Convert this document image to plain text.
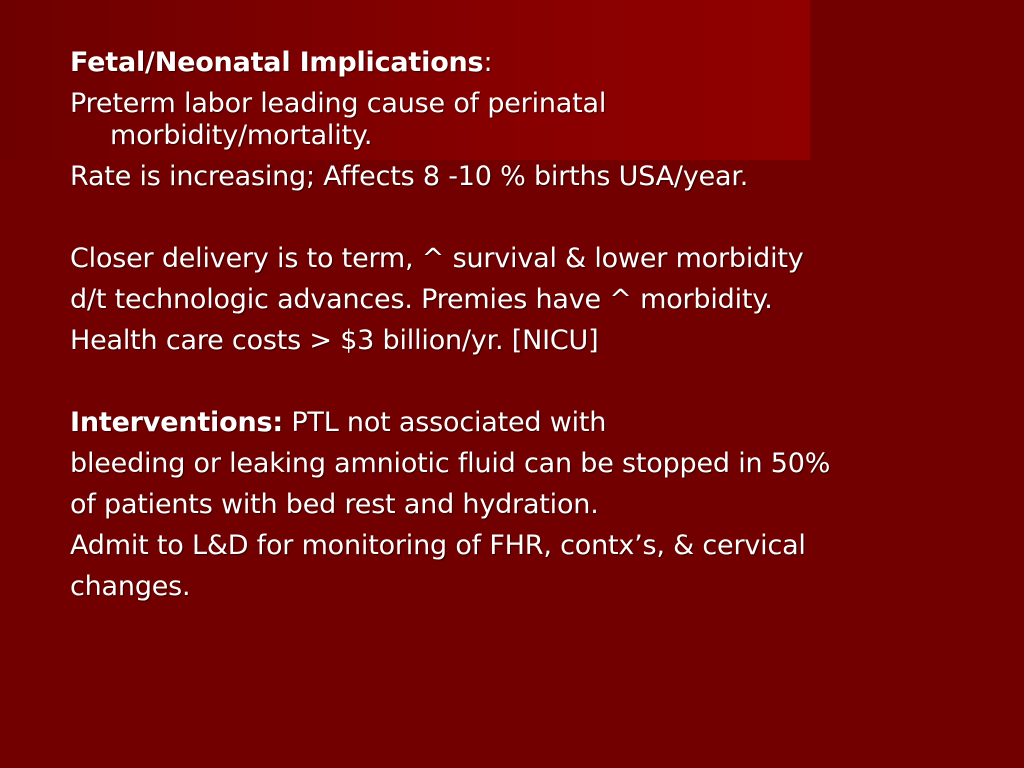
Fetal/Neonatal Implications:
Preterm labor leading cause of perinatal
morbidity/mortality.
Rate is increasing; Affects 8 -10 % births USA/year.
Closer delivery is to term, ^ survival & lower morbidity
d/t technologic advances. Premies have ^ morbidity.
Health care costs > $3 billion/yr. [NICU]
Interventions: PTL not associated with
bleeding or leaking amniotic fluid can be stopped in 50%
of patients with bed rest and hydration.
Admit to L&D for monitoring of FHR, contx’s, & cervical
changes.
